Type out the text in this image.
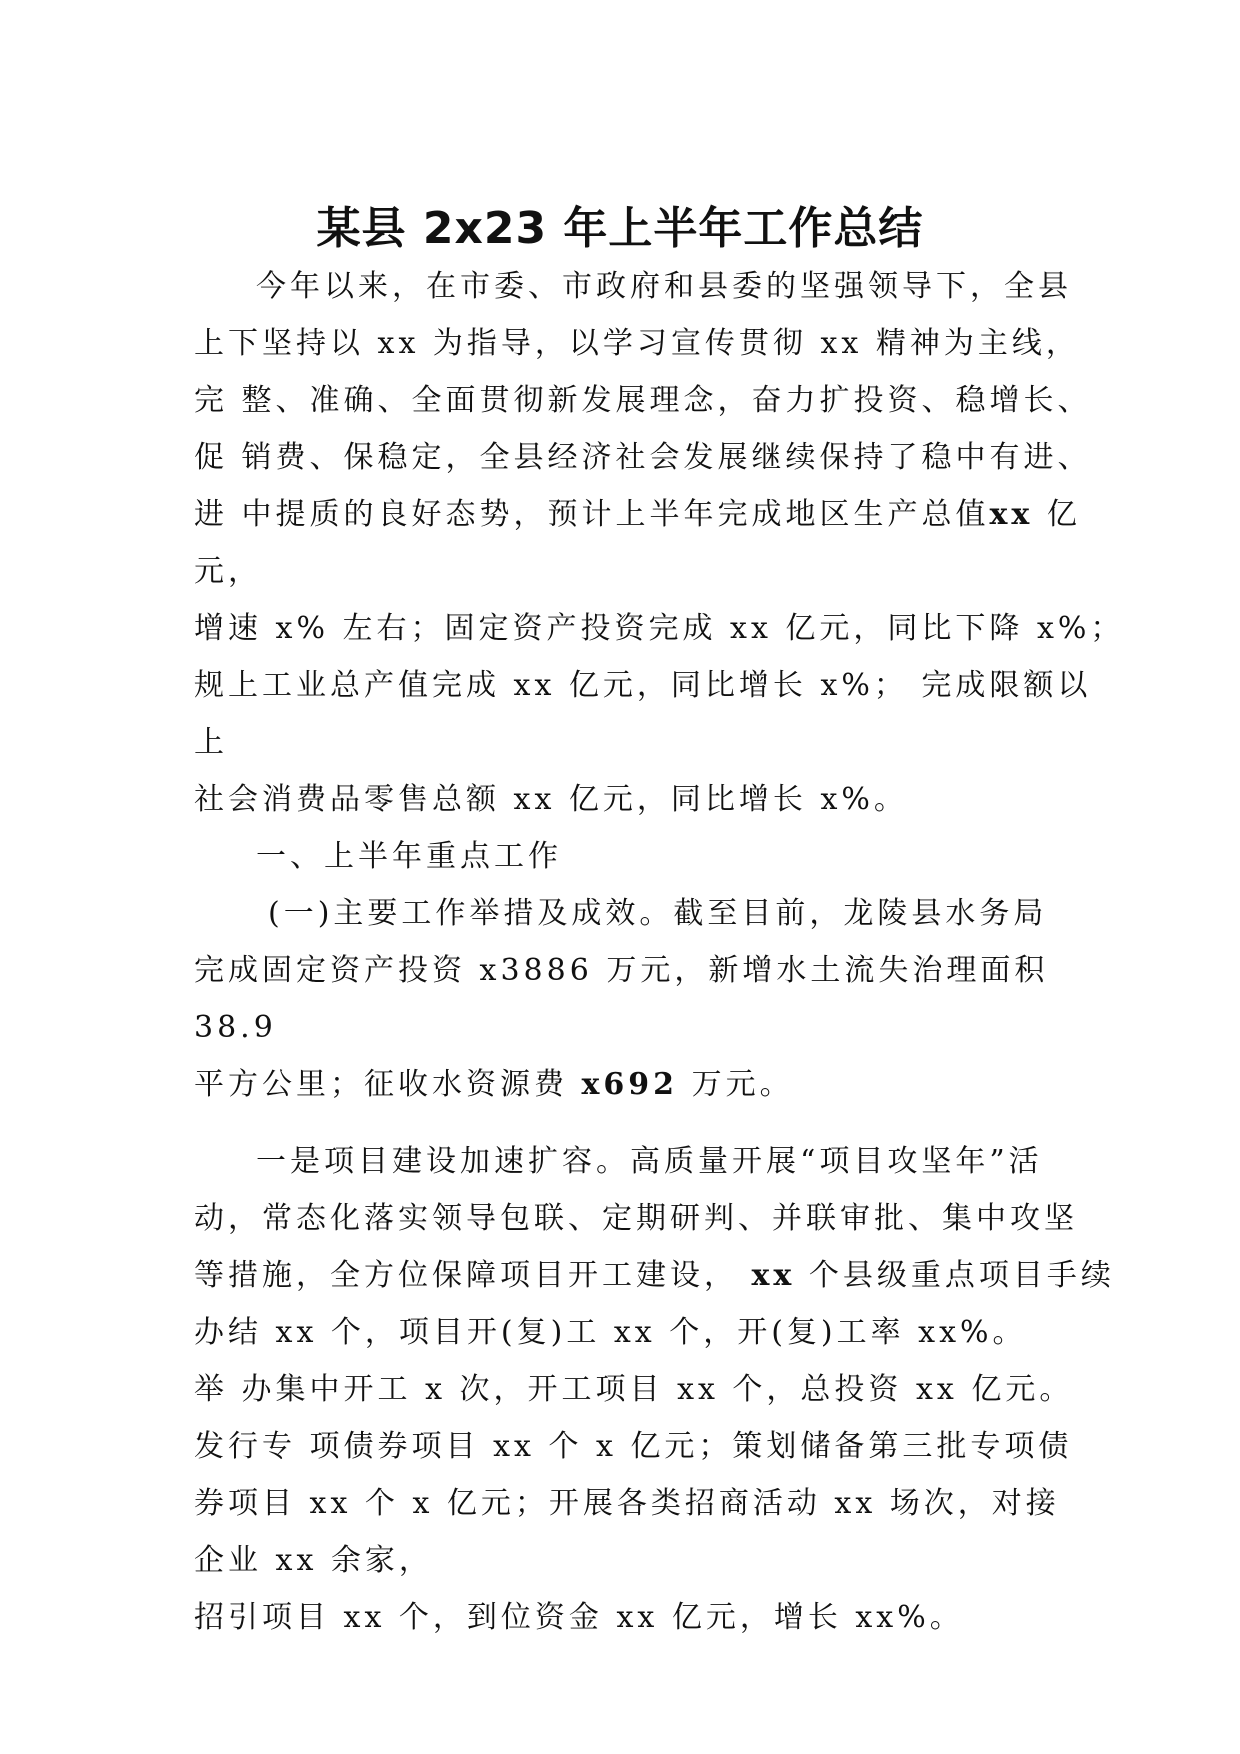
某县 2x23 年上半年工作总结
今年以来，在市委、市政府和县委的坚强领导下，全县
上下坚持以 xx 为指导，以学习宣传贯彻 xx 精神为主线，
完 整、准确、全面贯彻新发展理念，奋力扩投资、稳增长、
促 销费、保稳定，全县经济社会发展继续保持了稳中有进、
进 中提质的良好态势，预计上半年完成地区生产总值xx 亿
元，
增速 x% 左右；固定资产投资完成 xx 亿元，同比下降 x%；
规上工业总产值完成 xx 亿元，同比增长 x%； 完成限额以
上
社会消费品零售总额 xx 亿元，同比增长 x%。
一、上半年重点工作
(一)主要工作举措及成效。截至目前，龙陵县水务局
完成固定资产投资 x3886 万元，新增水土流失治理面积
38.9
平方公里；征收水资源费 x692 万元。
一是项目建设加速扩容。高质量开展“项目攻坚年”活
动，常态化落实领导包联、定期研判、并联审批、集中攻坚
等措施，全方位保障项目开工建设， xx 个县级重点项目手续
办结 xx 个，项目开(复)工 xx 个，开(复)工率 xx%。
举 办集中开工 x 次，开工项目 xx 个，总投资 xx 亿元。
发行专 项债券项目 xx 个 x 亿元；策划储备第三批专项债
券项目 xx 个 x 亿元；开展各类招商活动 xx 场次，对接
企业 xx 余家，
招引项目 xx 个，到位资金 xx 亿元，增长 xx%。
